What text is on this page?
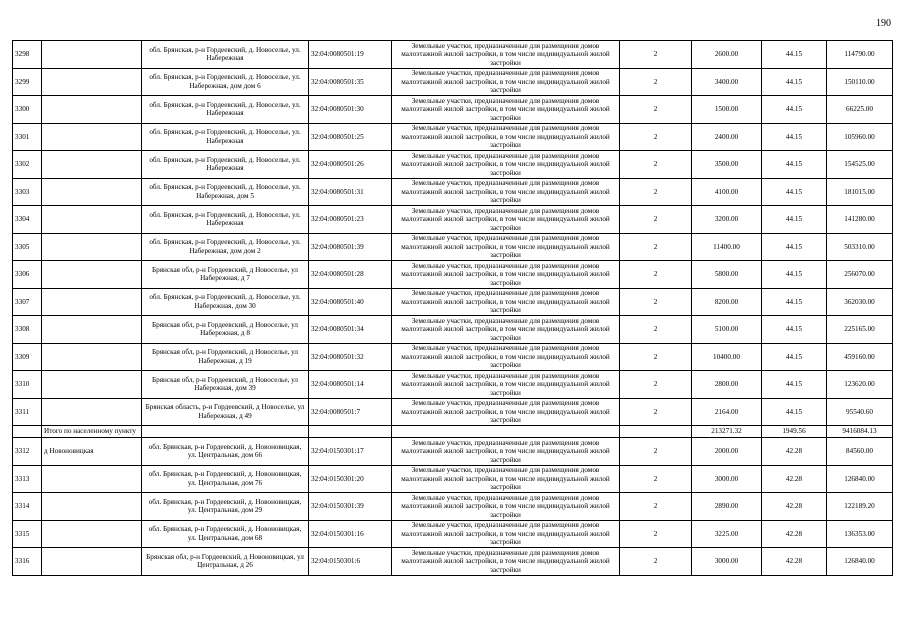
190
3298		обл. Брянская, р-н Гордеевский, д. Новоселье, ул. Набережная	32:04:0080501:19	Земельные участки, предназначенные для размещения домов малоэтажной жилой застройки, в том числе индивидуальной жилой застройки	2	2600.00	44.15	114790.00
3299		обл. Брянская, р-н Гордеевский, д. Новоселье, ул. Набережная, дом дом 6	32:04:0080501:35	Земельные участки, предназначенные для размещения домов малоэтажной жилой застройки, в том числе индивидуальной жилой застройки	2	3400.00	44.15	150110.00
3300		обл. Брянская, р-н Гордеевский, д. Новоселье, ул. Набережная	32:04:0080501:30	Земельные участки, предназначенные для размещения домов малоэтажной жилой застройки, в том числе индивидуальной жилой застройки	2	1500.00	44.15	66225.00
3301		обл. Брянская, р-н Гордеевский, д. Новоселье, ул. Набережная	32:04:0080501:25	Земельные участки, предназначенные для размещения домов малоэтажной жилой застройки, в том числе индивидуальной жилой застройки	2	2400.00	44.15	105960.00
3302		обл. Брянская, р-н Гордеевский, д. Новоселье, ул. Набережная	32:04:0080501:26	Земельные участки, предназначенные для размещения домов малоэтажной жилой застройки, в том числе индивидуальной жилой застройки	2	3500.00	44.15	154525.00
3303		обл. Брянская, р-н Гордеевский, д. Новоселье, ул. Набережная, дом 5	32:04:0080501:31	Земельные участки, предназначенные для размещения домов малоэтажной жилой застройки, в том числе индивидуальной жилой застройки	2	4100.00	44.15	181015.00
3304		обл. Брянская, р-н Гордеевский, д. Новоселье, ул. Набережная	32:04:0080501:23	Земельные участки, предназначенные для размещения домов малоэтажной жилой застройки, в том числе индивидуальной жилой застройки	2	3200.00	44.15	141280.00
3305		обл. Брянская, р-н Гордеевский, д. Новоселье, ул. Набережная, дом дом 2	32:04:0080501:39	Земельные участки, предназначенные для размещения домов малоэтажной жилой застройки, в том числе индивидуальной жилой застройки	2	11400.00	44.15	503310.00
3306		Брянская обл, р-н Гордеевский, д Новоселье, ул Набережная, д 7	32:04:0080501:28	Земельные участки, предназначенные для размещения домов малоэтажной жилой застройки, в том числе индивидуальной жилой застройки	2	5800.00	44.15	256070.00
3307		обл. Брянская, р-н Гордеевский, д. Новоселье, ул. Набережная, дом 30	32:04:0080501:40	Земельные участки, предназначенные для размещения домов малоэтажной жилой застройки, в том числе индивидуальной жилой застройки	2	8200.00	44.15	362030.00
3308		Брянская обл, р-н Гордеевский, д Новоселье, ул Набережная, д 8	32:04:0080501:34	Земельные участки, предназначенные для размещения домов малоэтажной жилой застройки, в том числе индивидуальной жилой застройки	2	5100.00	44.15	225165.00
3309		Брянская обл, р-н Гордеевский, д Новоселье, ул Набережная, д 19	32:04:0080501:32	Земельные участки, предназначенные для размещения домов малоэтажной жилой застройки, в том числе индивидуальной жилой застройки	2	10400.00	44.15	459160.00
3310		Брянская обл, р-н Гордеевский, д Новоселье, ул Набережная, дом 39	32:04:0080501:14	Земельные участки, предназначенные для размещения домов малоэтажной жилой застройки, в том числе индивидуальной жилой застройки	2	2800.00	44.15	123620.00
3311		Брянская область, р-н Гордеевский, д Новоселье, ул Набережная, д 49	32:04:0080501:7	Земельные участки, предназначенные для размещения домов малоэтажной жилой застройки, в том числе индивидуальной жилой застройки	2	2164.00	44.15	95540.60
	Итого по населенному пункту					213271.32	1949.56	9416084.13
3312	д Новоновицкая	обл. Брянская, р-н Гордеевский, д. Новоновицкая, ул. Центральная, дом 66	32:04:0150301:17	Земельные участки, предназначенные для размещения домов малоэтажной жилой застройки, в том числе индивидуальной жилой застройки	2	2000.00	42.28	84560.00
3313		обл. Брянская, р-н Гордеевский, д. Новоновицкая, ул. Центральная, дом 76	32:04:0150301:20	Земельные участки, предназначенные для размещения домов малоэтажной жилой застройки, в том числе индивидуальной жилой застройки	2	3000.00	42.28	126840.00
3314		обл. Брянская, р-н Гордеевский, д. Новоновицкая, ул. Центральная, дом 29	32:04:0150301:39	Земельные участки, предназначенные для размещения домов малоэтажной жилой застройки, в том числе индивидуальной жилой застройки	2	2890.00	42.28	122189.20
3315		обл. Брянская, р-н Гордеевский, д. Новоновицкая, ул. Центральная, дом 68	32:04:0150301:16	Земельные участки, предназначенные для размещения домов малоэтажной жилой застройки, в том числе индивидуальной жилой застройки	2	3225.00	42.28	136353.00
3316		Брянская обл, р-н Гордеевский, д Новоновицкая, ул Центральная, д 26	32:04:0150301:6	Земельные участки, предназначенные для размещения домов малоэтажной жилой застройки, в том числе индивидуальной жилой застройки	2	3000.00	42.28	126840.00
